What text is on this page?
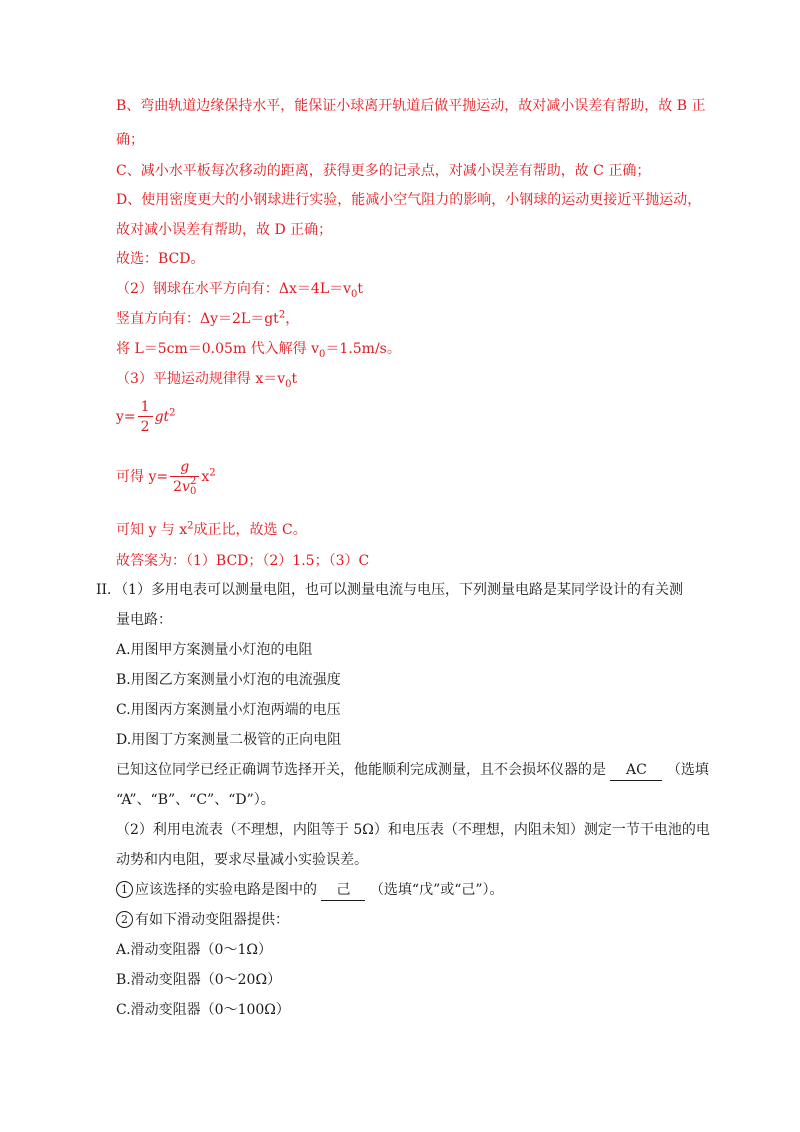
B、弯曲轨道边缘保持水平，能保证小球离开轨道后做平抛运动，故对减小误差有帮助，故 B 正
确；
C、减小水平板每次移动的距离，获得更多的记录点，对减小误差有帮助，故 C 正确；
D、使用密度更大的小钢球进行实验，能减小空气阻力的影响，小钢球的运动更接近平抛运动，
故对减小误差有帮助，故 D 正确；
故选：BCD。
（2）钢球在水平方向有：$\Delta x=4L=v_0t$
竖直方向有：$\Delta y=2L=gt^2$，
将 L＝5cm＝0.05m 代入解得 $v_0=1.5m/s$。
（3）平抛运动规律得 $x=v_0t$
$y= \frac{1}{2} gt^2$
可得 y= g
2v 2
0 $x^2$
可知 y 与 $x^2$成正比，故选 C。
故答案为：（1）BCD；（2）1.5；（3）C
II．（1）多用电表可以测量电阻，也可以测量电流与电压，下列测量电路是某同学设计的有关测
量电路：
A.用图甲方案测量小灯泡的电阻
B.用图乙方案测量小灯泡的电流强度
C.用图丙方案测量小灯泡两端的电压
D.用图丁方案测量二极管的正向电阻
已知这位同学已经正确调节选择开关，他能顺利完成测量，且不会损坏仪器的是 AC （选填
“A”、“B”、“C”、“D”）。
（2）利用电流表（不理想，内阻等于 5Ω）和电压表（不理想，内阻未知）测定一节干电池的电
动势和内电阻，要求尽量减小实验误差。
1 应该选择的实验电路是图中的 己 （选填“戊”或“己”）。
2 有如下滑动变阻器提供：
A.滑动变阻器（0～1Ω）
B.滑动变阻器（0～20Ω）
C.滑动变阻器（0～100Ω）
